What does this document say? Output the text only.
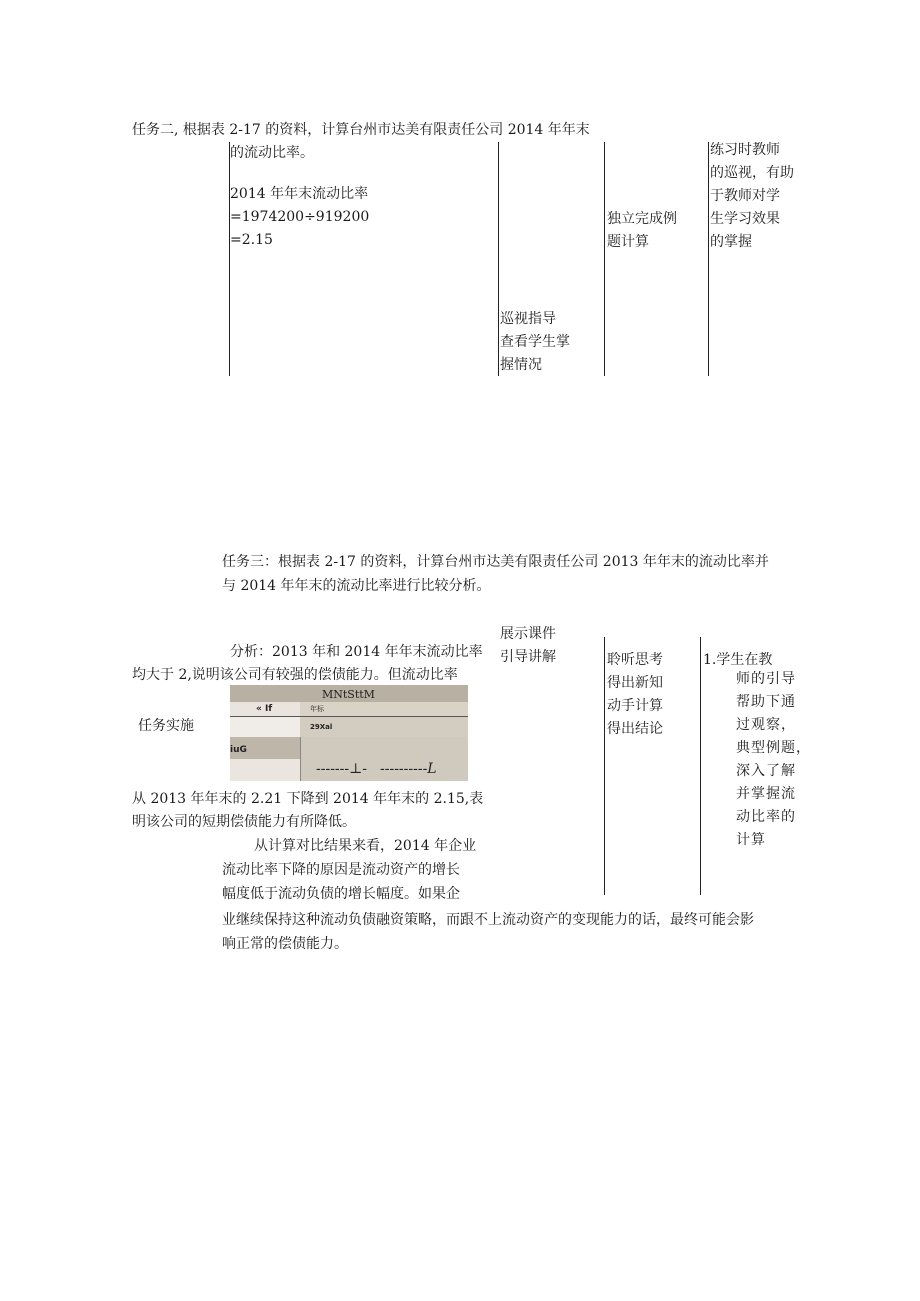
任务二, 根据表 2-17 的资料，计算台州市达美有限责任公司 2014 年年末
的流动比率。
2014 年年末流动比率
=1974200÷919200
=2.15
巡视指导
查看学生掌
握情况
独立完成例
题计算
练习时教师
的巡视，有助
于教师对学
生学习效果
的掌握
任务三：根据表 2-17 的资料，计算台州市达美有限责任公司 2013 年年末的流动比率并
与 2014 年年末的流动比率进行比较分析。
任务实施
分析：2013 年和 2014 年年末流动比率
均大于 2,说明该公司有较强的偿债能力。但流动比率
MNtSttM
« If	年标
29Xal
iuG
-------⊥- ----------L
从 2013 年年末的 2.21 下降到 2014 年年末的 2.15,表
明该公司的短期偿债能力有所降低。
从计算对比结果来看，2014 年企业
流动比率下降的原因是流动资产的增长
幅度低于流动负债的增长幅度。如果企
业继续保持这种流动负债融资策略，而跟不上流动资产的变现能力的话，最终可能会影
响正常的偿债能力。
展示课件
引导讲解	聆听思考
得出新知
动手计算
得出结论
1.学生在教
师的引导
帮助下通
过观察，
典型例题，
深入了解
并掌握流
动比率的
计算
